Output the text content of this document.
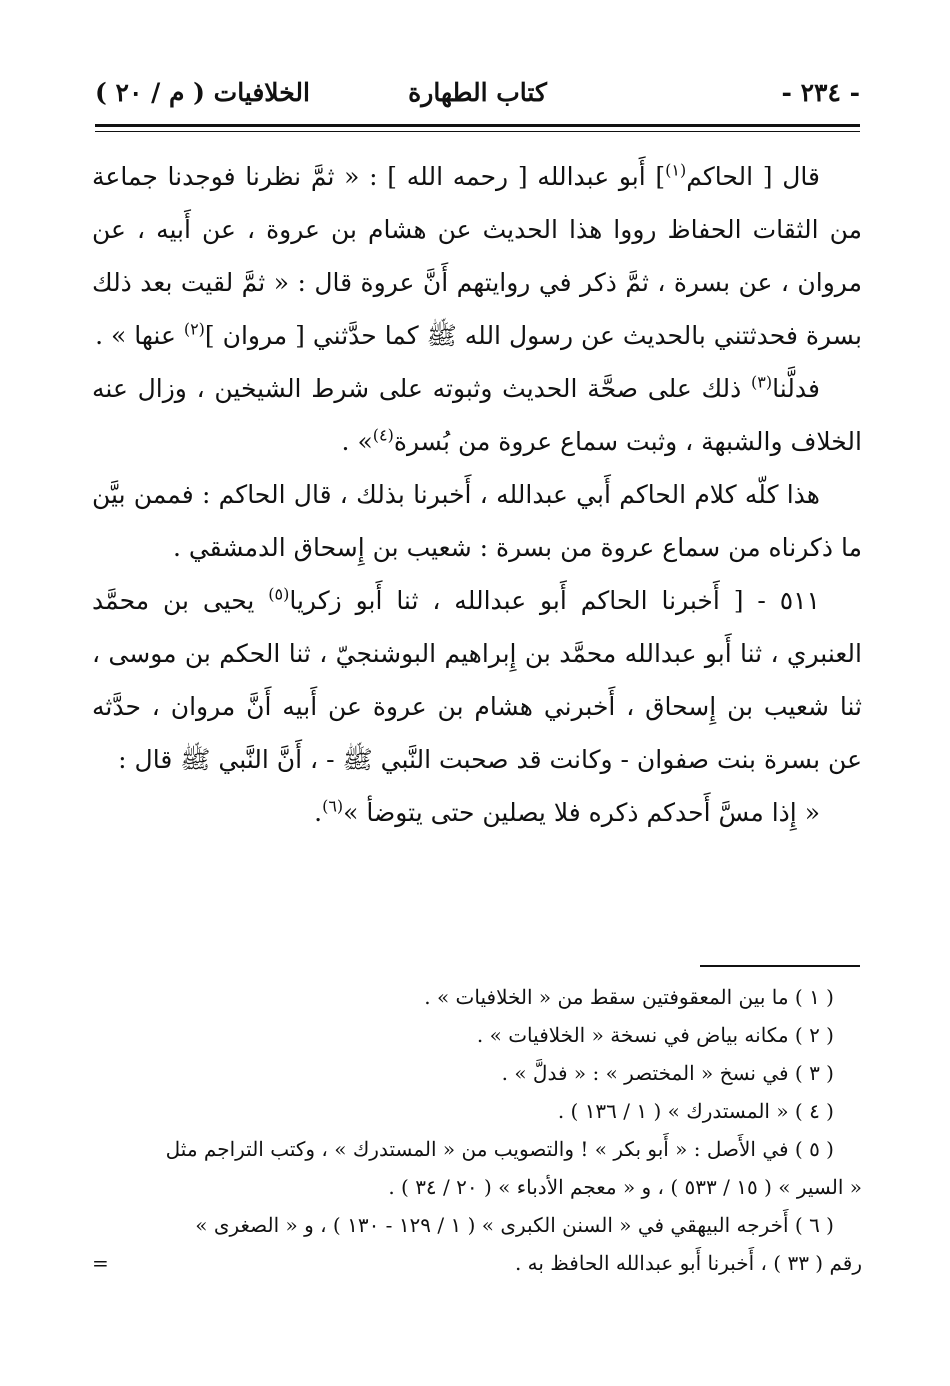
- ٢٣٤ -
كتاب الطهارة
الخلافيات ( م / ٢٠ )

قال [ الحاكم$^{(١)}$] أَبو عبدالله [ رحمه الله ] : « ثمَّ نظرنا فوجدنا جماعة من الثقات الحفاظ رووا هذا الحديث عن هشام بن عروة ، عن أَبيه ، عن مروان ، عن بسرة ، ثمَّ ذكر في روايتهم أَنَّ عروة قال : « ثمَّ لقيت بعد ذلك بسرة فحدثتني بالحديث عن رسول الله ﷺ كما حدَّثني [ مروان ]$^{(٢)}$ عنها » .

فدلَّنا$^{(٣)}$ ذلك على صحَّة الحديث وثبوته على شرط الشيخين ، وزال عنه الخلاف والشبهة ، وثبت سماع عروة من بُسرة$^{(٤)}$» .

هذا كلّه كلام الحاكم أَبي عبدالله ، أَخبرنا بذلك ، قال الحاكم : فممن بيَّن ما ذكرناه من سماع عروة من بسرة : شعيب بن إِسحاق الدمشقي .

٥١١ - [ أَخبرنا الحاكم أَبو عبدالله ، ثنا أَبو زكريا$^{(٥)}$ يحيى بن محمَّد العنبري ، ثنا أَبو عبدالله محمَّد بن إِبراهيم البوشنجيّ ، ثنا الحكم بن موسى ، ثنا شعيب بن إِسحاق ، أَخبرني هشام بن عروة عن أَبيه أَنَّ مروان ، حدَّثه عن بسرة بنت صفوان - وكانت قد صحبت النَّبي ﷺ - ، أَنَّ النَّبي ﷺ قال :

« إِذا مسَّ أَحدكم ذكره فلا يصلين حتى يتوضأ »$^{(٦)}$.

( ١ ) ما بين المعقوفتين سقط من « الخلافيات » .

( ٢ ) مكانه بياض في نسخة « الخلافيات » .

( ٣ ) في نسخ « المختصر » : « فدلَّ » .

( ٤ ) « المستدرك » ( ١ / ١٣٦ ) .

( ٥ ) في الأَصل : « أَبو بكر » ! والتصويب من « المستدرك » ، وكتب التراجم مثل

« السير » ( ١٥ / ٥٣٣ ) ، و « معجم الأدباء » ( ٢٠ / ٣٤ ) .

( ٦ ) أَخرجه البيهقي في « السنن الكبرى » ( ١ / ١٢٩ - ١٣٠ ) ، و « الصغرى »

رقم ( ٣٣ ) ، أَخبرنا أَبو عبدالله الحافظ به .
=
